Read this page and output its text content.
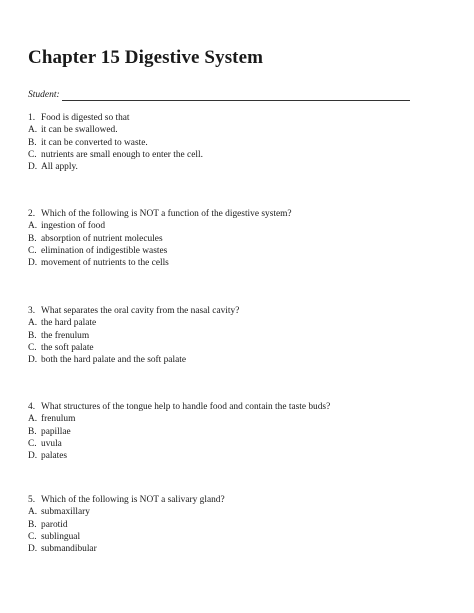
Chapter 15 Digestive System
Student:
1. Food is digested so that
A. it can be swallowed.
B. it can be converted to waste.
C. nutrients are small enough to enter the cell.
D. All apply.
2. Which of the following is NOT a function of the digestive system?
A. ingestion of food
B. absorption of nutrient molecules
C. elimination of indigestible wastes
D. movement of nutrients to the cells
3. What separates the oral cavity from the nasal cavity?
A. the hard palate
B. the frenulum
C. the soft palate
D. both the hard palate and the soft palate
4. What structures of the tongue help to handle food and contain the taste buds?
A. frenulum
B. papillae
C. uvula
D. palates
5. Which of the following is NOT a salivary gland?
A. submaxillary
B. parotid
C. sublingual
D. submandibular
